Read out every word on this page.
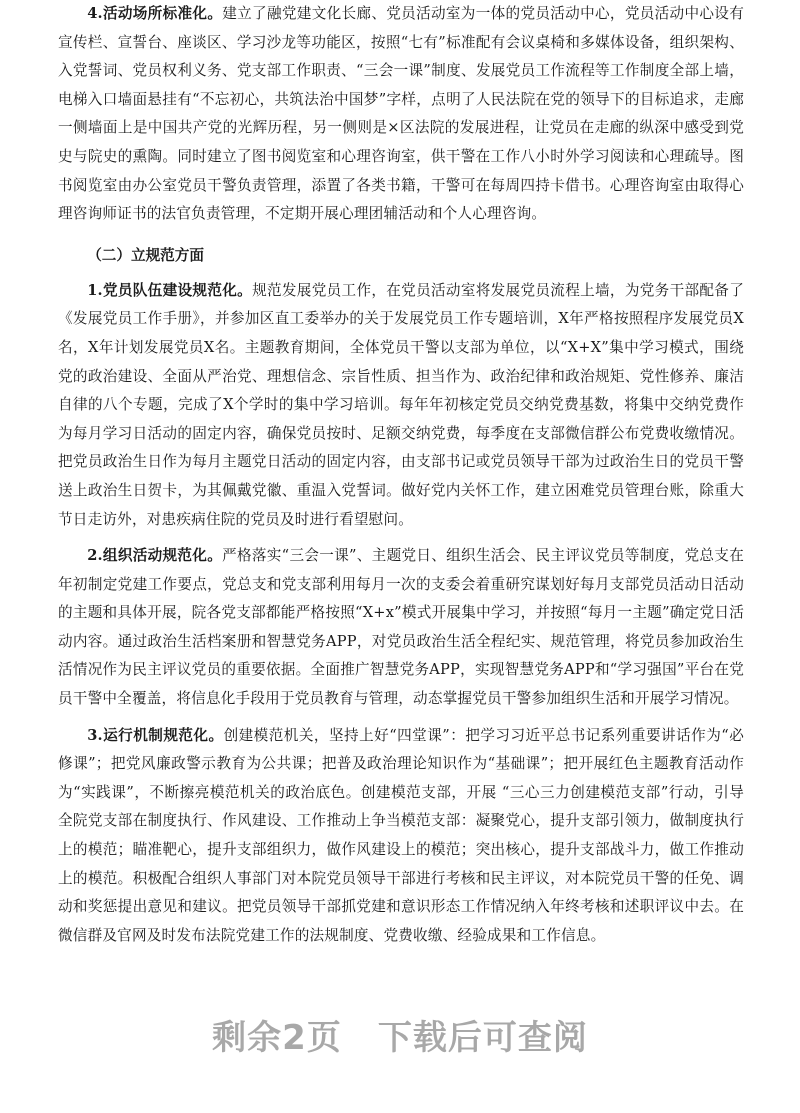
4.活动场所标准化。建立了融党建文化长廊、党员活动室为一体的党员活动中心，党员活动中心设有宣传栏、宣誓台、座谈区、学习沙龙等功能区，按照“七有”标准配有会议桌椅和多媒体设备，组织架构、入党誓词、党员权利义务、党支部工作职责、“三会一课”制度、发展党员工作流程等工作制度全部上墙，电梯入口墙面悬挂有“不忘初心，共筑法治中国梦”字样，点明了人民法院在党的领导下的目标追求，走廊一侧墙面上是中国共产党的光辉历程，另一侧则是×区法院的发展进程，让党员在走廊的纵深中感受到党史与院史的熏陶。同时建立了图书阅览室和心理咨询室，供干警在工作八小时外学习阅读和心理疏导。图书阅览室由办公室党员干警负责管理，添置了各类书籍，干警可在每周四持卡借书。心理咨询室由取得心理咨询师证书的法官负责管理，不定期开展心理团辅活动和个人心理咨询。

（二）立规范方面

1.党员队伍建设规范化。规范发展党员工作，在党员活动室将发展党员流程上墙，为党务干部配备了《发展党员工作手册》，并参加区直工委举办的关于发展党员工作专题培训，X年严格按照程序发展党员X名，X年计划发展党员X名。主题教育期间，全体党员干警以支部为单位，以“X+X”集中学习模式，围绕党的政治建设、全面从严治党、理想信念、宗旨性质、担当作为、政治纪律和政治规矩、党性修养、廉洁自律的八个专题，完成了X个学时的集中学习培训。每年年初核定党员交纳党费基数，将集中交纳党费作为每月学习日活动的固定内容，确保党员按时、足额交纳党费，每季度在支部微信群公布党费收缴情况。把党员政治生日作为每月主题党日活动的固定内容，由支部书记或党员领导干部为过政治生日的党员干警送上政治生日贺卡，为其佩戴党徽、重温入党誓词。做好党内关怀工作，建立困难党员管理台账，除重大节日走访外，对患疾病住院的党员及时进行看望慰问。

2.组织活动规范化。严格落实“三会一课”、主题党日、组织生活会、民主评议党员等制度，党总支在年初制定党建工作要点，党总支和党支部利用每月一次的支委会着重研究谋划好每月支部党员活动日活动的主题和具体开展，院各党支部都能严格按照“X+x”模式开展集中学习，并按照“每月一主题”确定党日活动内容。通过政治生活档案册和智慧党务APP，对党员政治生活全程纪实、规范管理，将党员参加政治生活情况作为民主评议党员的重要依据。全面推广智慧党务APP，实现智慧党务APP和“学习强国”平台在党员干警中全覆盖，将信息化手段用于党员教育与管理，动态掌握党员干警参加组织生活和开展学习情况。

3.运行机制规范化。创建模范机关，坚持上好“四堂课”：把学习习近平总书记系列重要讲话作为“必修课”；把党风廉政警示教育为公共课；把普及政治理论知识作为“基础课”；把开展红色主题教育活动作为“实践课”，不断擦亮模范机关的政治底色。创建模范支部，开展 “三心三力创建模范支部”行动，引导全院党支部在制度执行、作风建设、工作推动上争当模范支部：凝聚党心，提升支部引领力，做制度执行上的模范；瞄准靶心，提升支部组织力，做作风建设上的模范；突出核心，提升支部战斗力，做工作推动上的模范。积极配合组织人事部门对本院党员领导干部进行考核和民主评议，对本院党员干警的任免、调动和奖惩提出意见和建议。把党员领导干部抓党建和意识形态工作情况纳入年终考核和述职评议中去。在微信群及官网及时发布法院党建工作的法规制度、党费收缴、经验成果和工作信息。

剩余2页 下载后可查阅
